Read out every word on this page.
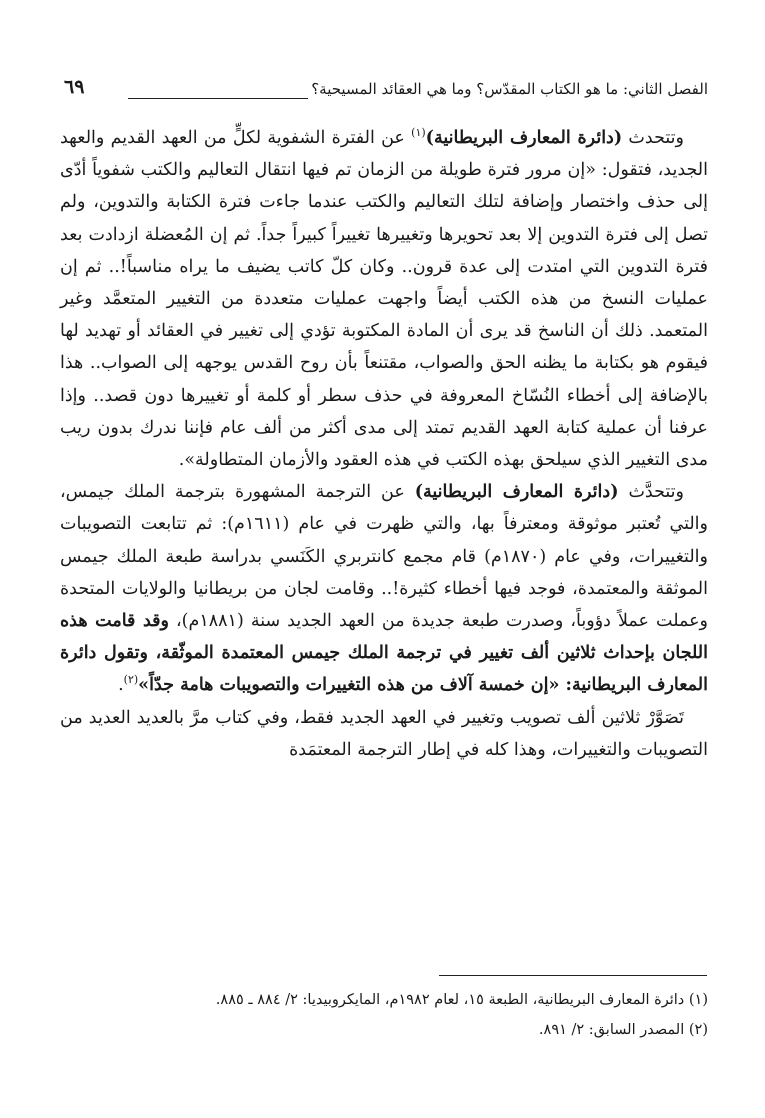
الفصل الثاني: ما هو الكتاب المقدّس؟ وما هي العقائد المسيحية؟
٦٩

وتتحدث (دائرة المعارف البريطانية)$^{(١)}$ عن الفترة الشفوية لكلٍّ من العهد القديم والعهد الجديد، فتقول: «إن مرور فترة طويلة من الزمان تم فيها انتقال التعاليم والكتب شفوياً أدّى إلى حذف واختصار وإضافة لتلك التعاليم والكتب عندما جاءت فترة الكتابة والتدوين، ولم تصل إلى فترة التدوين إلا بعد تحويرها وتغييرها تغييراً كبيراً جداً. ثم إن المُعضلة ازدادت بعد فترة التدوين التي امتدت إلى عدة قرون.. وكان كلّ كاتب يضيف ما يراه مناسباً!.. ثم إن عمليات النسخ من هذه الكتب أيضاً واجهت عمليات متعددة من التغيير المتعمَّد وغير المتعمد. ذلك أن الناسخ قد يرى أن المادة المكتوبة تؤدي إلى تغيير في العقائد أو تهديد لها فيقوم هو بكتابة ما يظنه الحق والصواب، مقتنعاً بأن روح القدس يوجهه إلى الصواب.. هذا بالإضافة إلى أخطاء النُسّاخ المعروفة في حذف سطر أو كلمة أو تغييرها دون قصد.. وإذا عرفنا أن عملية كتابة العهد القديم تمتد إلى مدى أكثر من ألف عام فإننا ندرك بدون ريب مدى التغيير الذي سيلحق بهذه الكتب في هذه العقود والأزمان المتطاولة».

وتتحدَّث (دائرة المعارف البريطانية) عن الترجمة المشهورة بترجمة الملك جيمس، والتي تُعتبر موثوقة ومعترفاً بها، والتي ظهرت في عام (١٦١١م): ثم تتابعت التصويبات والتغييرات، وفي عام (١٨٧٠م) قام مجمع كانتربري الكَنَسي بدراسة طبعة الملك جيمس الموثقة والمعتمدة، فوجد فيها أخطاء كثيرة!.. وقامت لجان من بريطانيا والولايات المتحدة وعملت عملاً دؤوباً، وصدرت طبعة جديدة من العهد الجديد سنة (١٨٨١م)، وقد قامت هذه اللجان بإحداث ثلاثين ألف تغيير في ترجمة الملك جيمس المعتمدة الموثّقة، وتقول دائرة المعارف البريطانية: «إن خمسة آلاف من هذه التغييرات والتصويبات هامة جدّاً»$^{(٢)}$.

تَصَوَّرْ ثلاثين ألف تصويب وتغيير في العهد الجديد فقط، وفي كتاب مرَّ بالعديد العديد من التصويبات والتغييرات، وهذا كله في إطار الترجمة المعتمَدة

(١) دائرة المعارف البريطانية، الطبعة ١٥، لعام ١٩٨٢م، المايكروبيديا: ٢/ ٨٨٤ ـ ٨٨٥.
(٢) المصدر السابق: ٢/ ٨٩١.
